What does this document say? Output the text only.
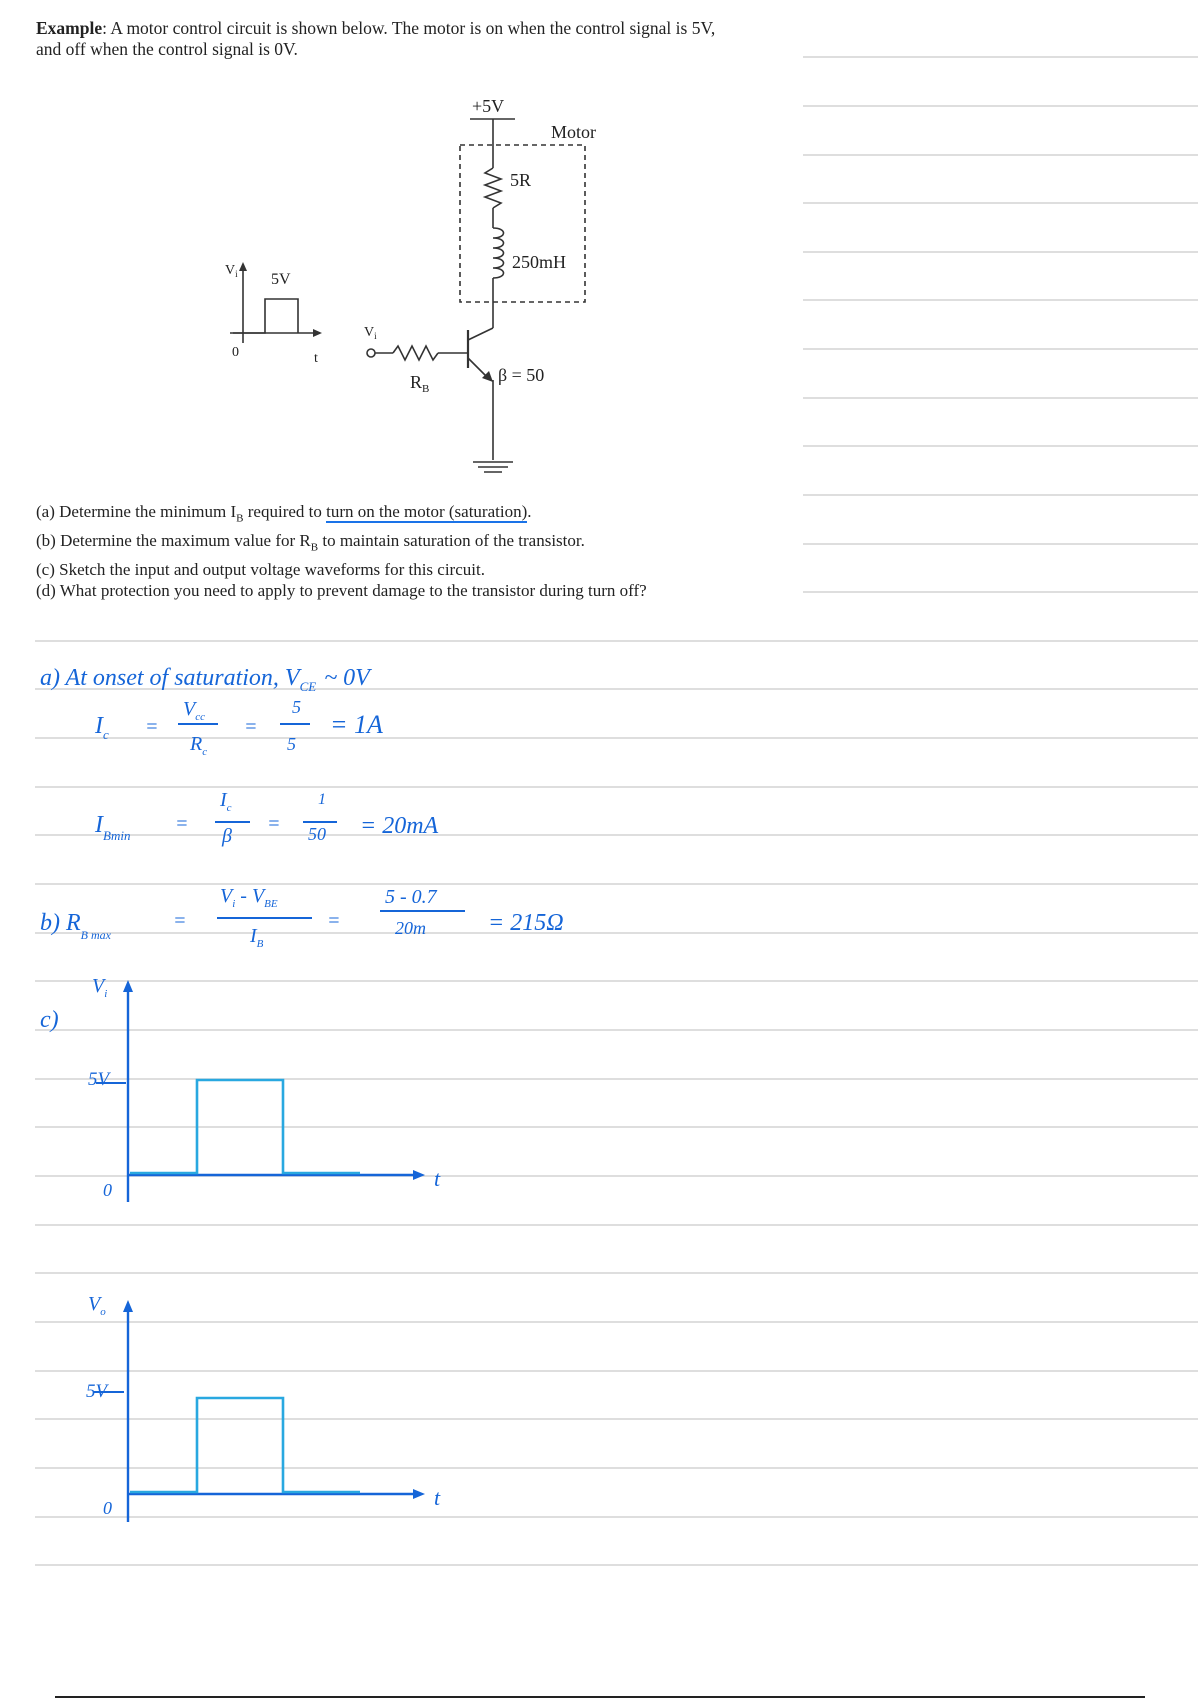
Example: A motor control circuit is shown below. The motor is on when the control signal is 5V,
and off when the control signal is 0V.
+5V
Motor
5R
250mH
β = 50
$R_B$
$V_i$
$V_i$ 5V
0	t
(a) Determine the minimum $I_B$ required to turn on the motor (saturation).
(b) Determine the maximum value for $R_B$ to maintain saturation of the transistor.
(c) Sketch the input and output voltage waveforms for this circuit.
(d) What protection you need to apply to prevent damage to the transistor during turn off?
a) At onset of saturation, $V_{CE}$ ~ 0V
$I_c$ =
$V_{cc}$
$R_c$
=
5
5
= 1A
$I_{Bmin}$
=
$I_c$
β
=
1
50 = 20mA
b) $R_{B max}$
=
$V_i - V_{BE}$
$I_B$
=
5 - 0.7
20m	= 215Ω
c)
$V_i$
5V
0	t
$V_o$
5V
0	t
